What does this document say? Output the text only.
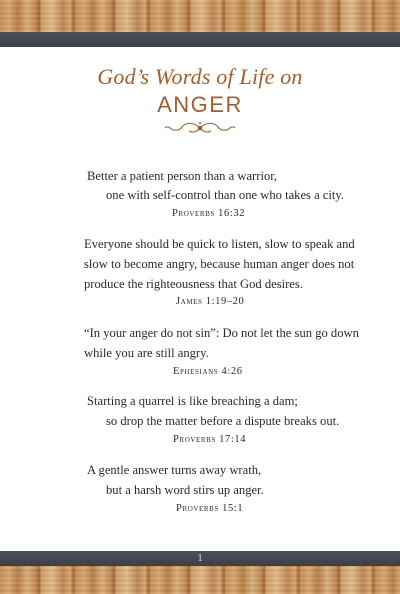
God’s Words of Life on
ANGER
Better a patient person than a warrior,
one with self-control than one who takes a city.
Proverbs 16:32
Everyone should be quick to listen, slow to speak and
slow to become angry, because human anger does not
produce the righteousness that God desires.
James 1:19–20
“In your anger do not sin”: Do not let the sun go down
while you are still angry.
Ephesians 4:26
Starting a quarrel is like breaching a dam;
so drop the matter before a dispute breaks out.
Proverbs 17:14
A gentle answer turns away wrath,
but a harsh word stirs up anger.
Proverbs 15:1
1
